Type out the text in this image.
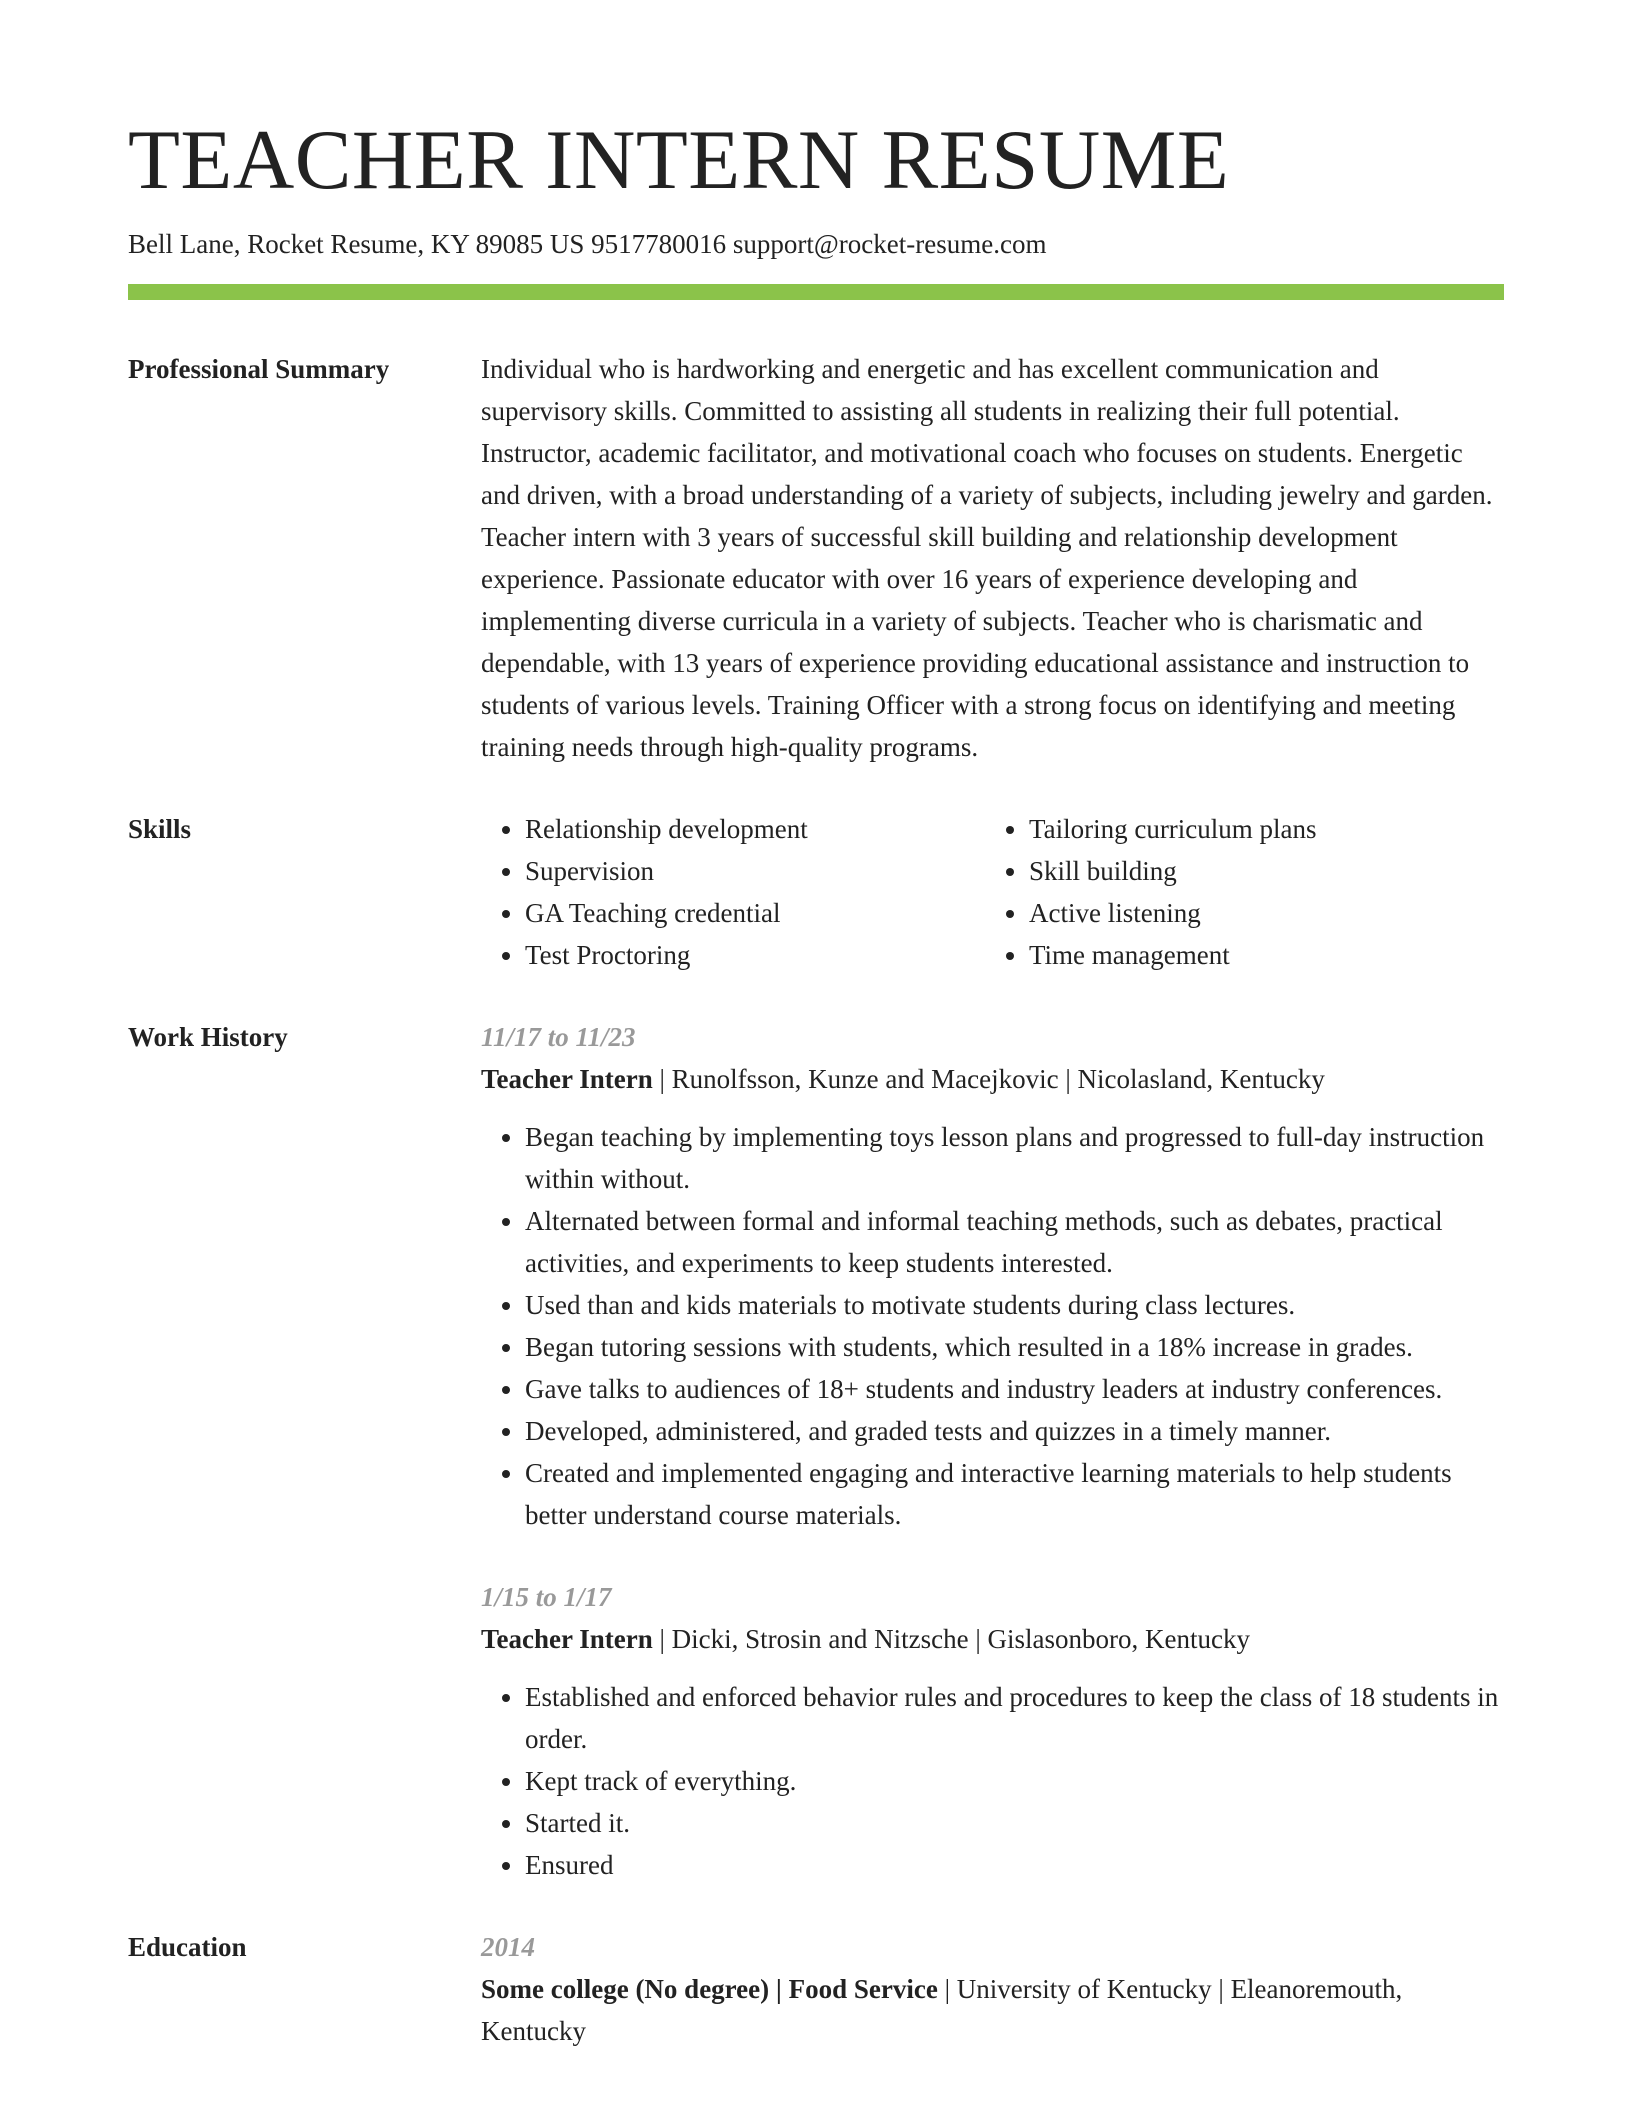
TEACHER INTERN RESUME
Bell Lane, Rocket Resume, KY 89085 US 9517780016 support@rocket-resume.com
Professional Summary	Individual who is hardworking and energetic and has excellent communication and supervisory skills. Committed to assisting all students in realizing their full potential. Instructor, academic facilitator, and motivational coach who focuses on students. Energetic and driven, with a broad understanding of a variety of subjects, including jewelry and garden. Teacher intern with 3 years of successful skill building and relationship development experience. Passionate educator with over 16 years of experience developing and implementing diverse curricula in a variety of subjects. Teacher who is charismatic and dependable, with 13 years of experience providing educational assistance and instruction to students of various levels. Training Officer with a strong focus on identifying and meeting training needs through high-quality programs.

Skills
•	Relationship development
• Supervision
• GA Teaching credential
• Test Proctoring
• Tailoring curriculum plans
• Skill building
• Active listening
• Time management
Work History	11/17 to 11/23
Teacher Intern | Runolfsson, Kunze and Macejkovic | Nicolasland, Kentucky
• Began teaching by implementing toys lesson plans and progressed to full-day instruction within without.
• Alternated between formal and informal teaching methods, such as debates, practical activities, and experiments to keep students interested.
• Used than and kids materials to motivate students during class lectures.
• Began tutoring sessions with students, which resulted in a 18% increase in grades.
• Gave talks to audiences of 18+ students and industry leaders at industry conferences.
• Developed, administered, and graded tests and quizzes in a timely manner.
• Created and implemented engaging and interactive learning materials to help students better understand course materials.
1/15 to 1/17
Teacher Intern | Dicki, Strosin and Nitzsche | Gislasonboro, Kentucky
• Established and enforced behavior rules and procedures to keep the class of 18 students in order.
• Kept track of everything.
• Started it.
• Ensured
Education	2014
Some college (No degree) | Food Service | University of Kentucky | Eleanoremouth, Kentucky
